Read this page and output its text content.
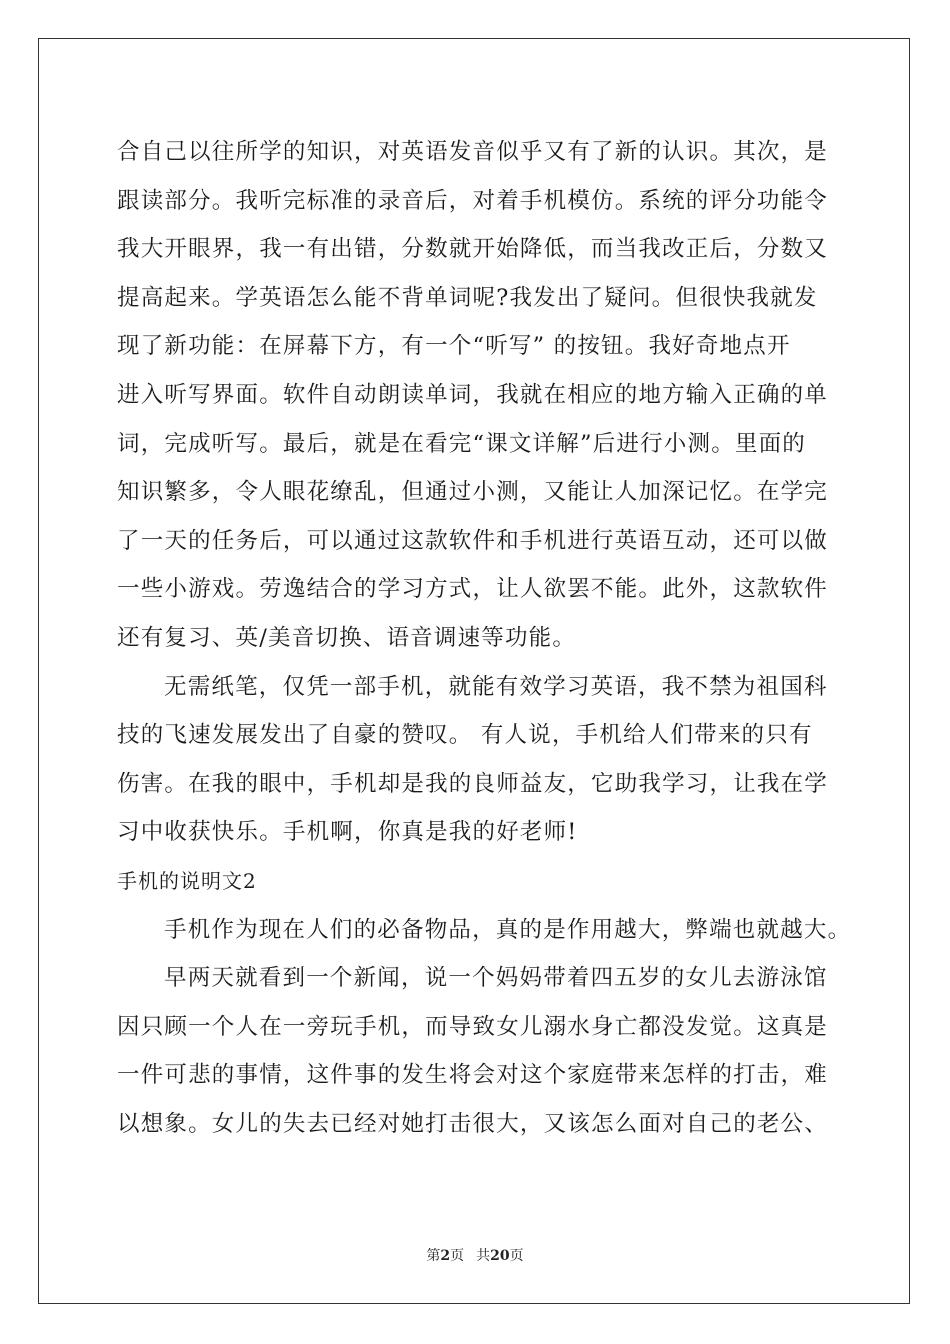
合自己以往所学的知识，对英语发音似乎又有了新的认识。其次，是
跟读部分。我听完标准的录音后，对着手机模仿。系统的评分功能令
我大开眼界，我一有出错，分数就开始降低，而当我改正后，分数又
提高起来。学英语怎么能不背单词呢?我发出了疑问。但很快我就发
现了新功能：在屏幕下方，有一个“听写” 的按钮。我好奇地点开
进入听写界面。软件自动朗读单词，我就在相应的地方输入正确的单
词，完成听写。最后，就是在看完“课文详解”后进行小测。里面的
知识繁多，令人眼花缭乱，但通过小测，又能让人加深记忆。在学完
了一天的任务后，可以通过这款软件和手机进行英语互动，还可以做
一些小游戏。劳逸结合的学习方式，让人欲罢不能。此外，这款软件
还有复习、英/美音切换、语音调速等功能。
无需纸笔，仅凭一部手机，就能有效学习英语，我不禁为祖国科
技的飞速发展发出了自豪的赞叹。 有人说，手机给人们带来的只有
伤害。在我的眼中，手机却是我的良师益友，它助我学习，让我在学
习中收获快乐。手机啊，你真是我的好老师!
手机的说明文2
手机作为现在人们的必备物品，真的是作用越大，弊端也就越大。
早两天就看到一个新闻，说一个妈妈带着四五岁的女儿去游泳馆
因只顾一个人在一旁玩手机，而导致女儿溺水身亡都没发觉。这真是
一件可悲的事情，这件事的发生将会对这个家庭带来怎样的打击，难
以想象。女儿的失去已经对她打击很大，又该怎么面对自己的老公、
第2页 共20页
